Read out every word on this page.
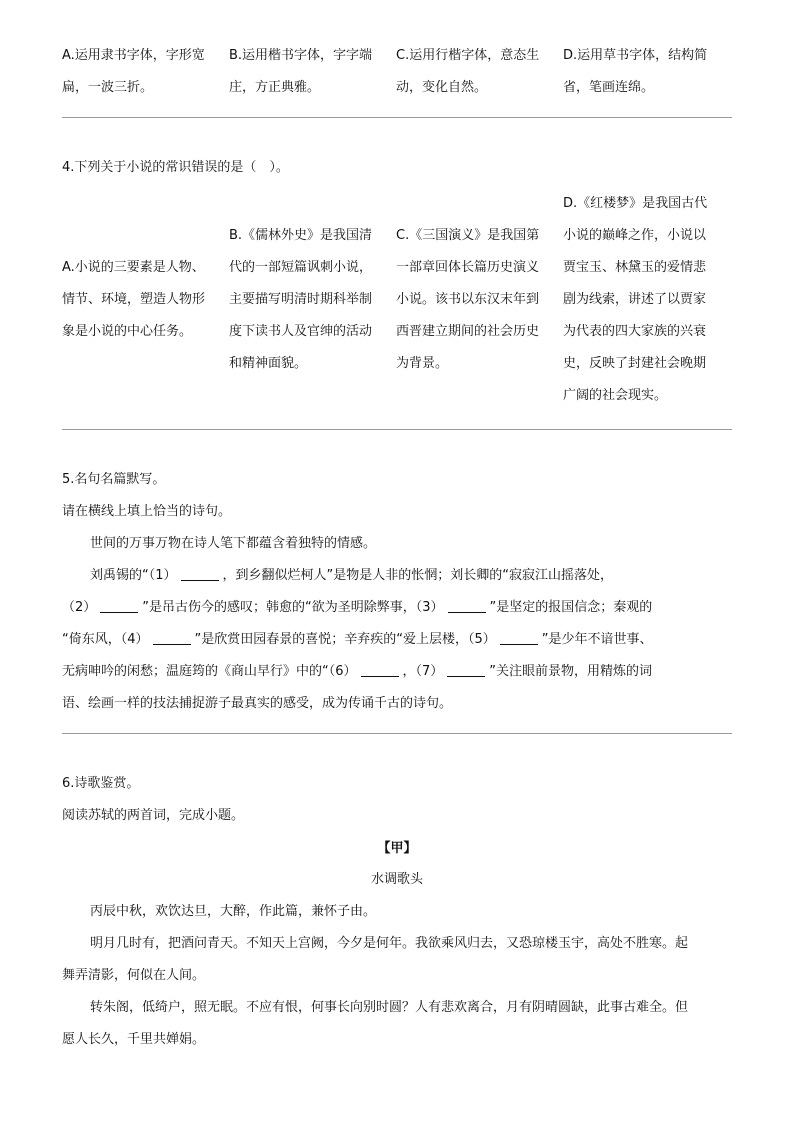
A.运用隶书字体，字形宽
扁，一波三折。
B.运用楷书字体，字字端
庄，方正典雅。
C.运用行楷字体，意态生
动，变化自然。
D.运用草书字体，结构简
省，笔画连绵。
4.下列关于小说的常识错误的是（　）。
A.小说的三要素是人物、
情节、环境，塑造人物形
象是小说的中心任务。
B.《儒林外史》是我国清
代的一部短篇讽刺小说，
主要描写明清时期科举制
度下读书人及官绅的活动
和精神面貌。
C.《三国演义》是我国第
一部章回体长篇历史演义
小说。该书以东汉末年到
西晋建立期间的社会历史
为背景。
D.《红楼梦》是我国古代
小说的巅峰之作，小说以
贾宝玉、林黛玉的爱情悲
剧为线索，讲述了以贾家
为代表的四大家族的兴衰
史，反映了封建社会晚期
广阔的社会现实。
5.名句名篇默写。
请在横线上填上恰当的诗句。
世间的万事万物在诗人笔下都蕴含着独特的情感。
刘禹锡的“（1）	，到乡翻似烂柯人”是物是人非的怅惘；刘长卿的“寂寂江山摇落处，
（2）	”是吊古伤今的感叹；韩愈的“欲为圣明除弊事，（3）	”是坚定的报国信念；秦观的
“倚东风，（4）	”是欣赏田园春景的喜悦；辛弃疾的“爱上层楼，（5）	”是少年不谙世事、
无病呻吟的闲愁；温庭筠的《商山早行》中的“（6）	，（7）	”关注眼前景物，用精炼的词
语、绘画一样的技法捕捉游子最真实的感受，成为传诵千古的诗句。
6.诗歌鉴赏。
阅读苏轼的两首词，完成小题。
【甲】
水调歌头
丙辰中秋，欢饮达旦，大醉，作此篇，兼怀子由。
明月几时有，把酒问青天。不知天上宫阙，今夕是何年。我欲乘风归去，又恐琼楼玉宇，高处不胜寒。起
舞弄清影，何似在人间。
转朱阁，低绮户，照无眠。不应有恨，何事长向别时圆？人有悲欢离合，月有阴晴圆缺，此事古难全。但
愿人长久，千里共婵娟。
